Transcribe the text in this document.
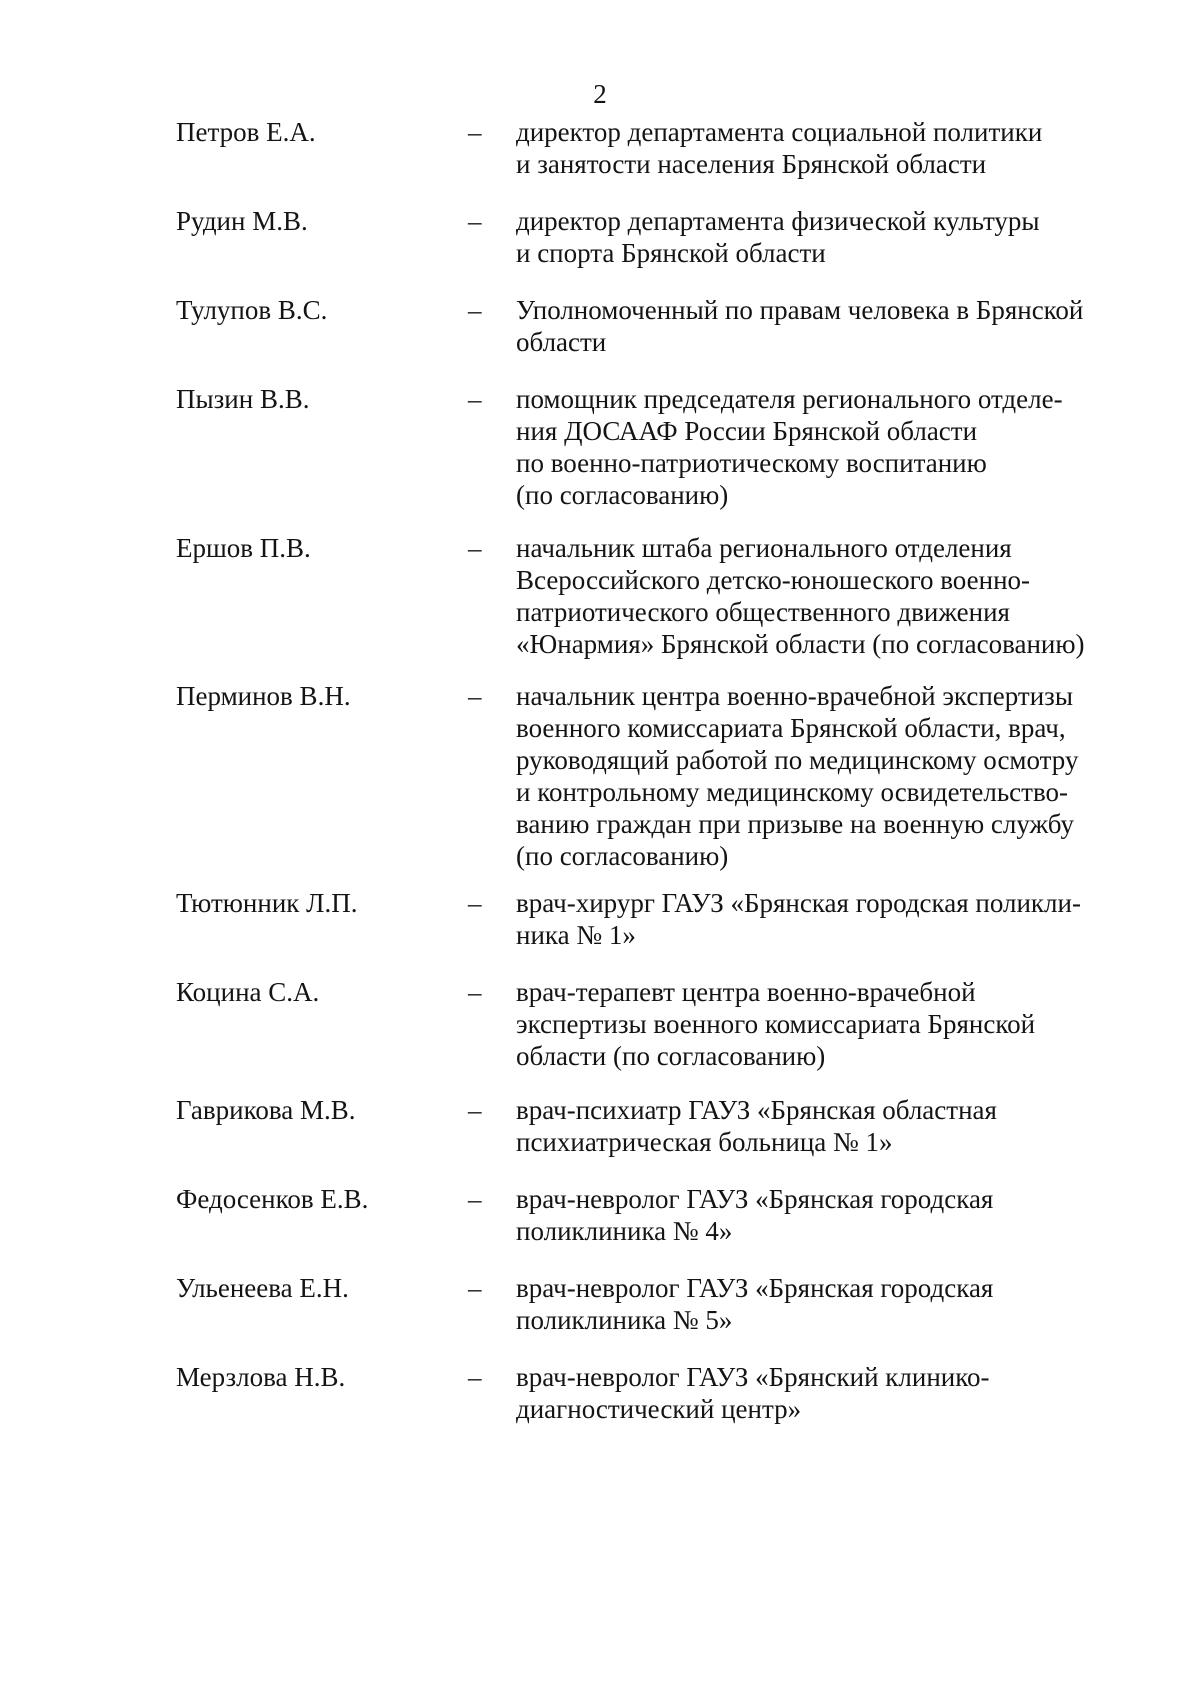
2
Петров Е.А.	– директор департамента социальной политики
и занятости населения Брянской области
Рудин М.В.	– директор департамента физической культуры
и спорта Брянской области
Тулупов В.С.	– Уполномоченный по правам человека в Брянской
области
Пызин В.В.	– помощник председателя регионального отделе-
ния ДОСААФ России Брянской области
по военно-патриотическому воспитанию
(по согласованию)
Ершов П.В.	– начальник штаба регионального отделения
Всероссийского детско-юношеского военно-
патриотического общественного движения
«Юнармия» Брянской области (по согласованию)
Перминов В.Н.	– начальник центра военно-врачебной экспертизы
военного комиссариата Брянской области, врач,
руководящий работой по медицинскому осмотру
и контрольному медицинскому освидетельство-
ванию граждан при призыве на военную службу
(по согласованию)
Тютюнник Л.П.	– врач-хирург ГАУЗ «Брянская городская поликли-
ника № 1»
Коцина С.А.	– врач-терапевт центра военно-врачебной
экспертизы военного комиссариата Брянской
области (по согласованию)
Гаврикова М.В.	– врач-психиатр ГАУЗ «Брянская областная
психиатрическая больница № 1»
Федосенков Е.В.	– врач-невролог ГАУЗ «Брянская городская
поликлиника № 4»
Ульенеева Е.Н.	– врач-невролог ГАУЗ «Брянская городская
поликлиника № 5»
Мерзлова Н.В.	– врач-невролог ГАУЗ «Брянский клинико-
диагностический центр»
